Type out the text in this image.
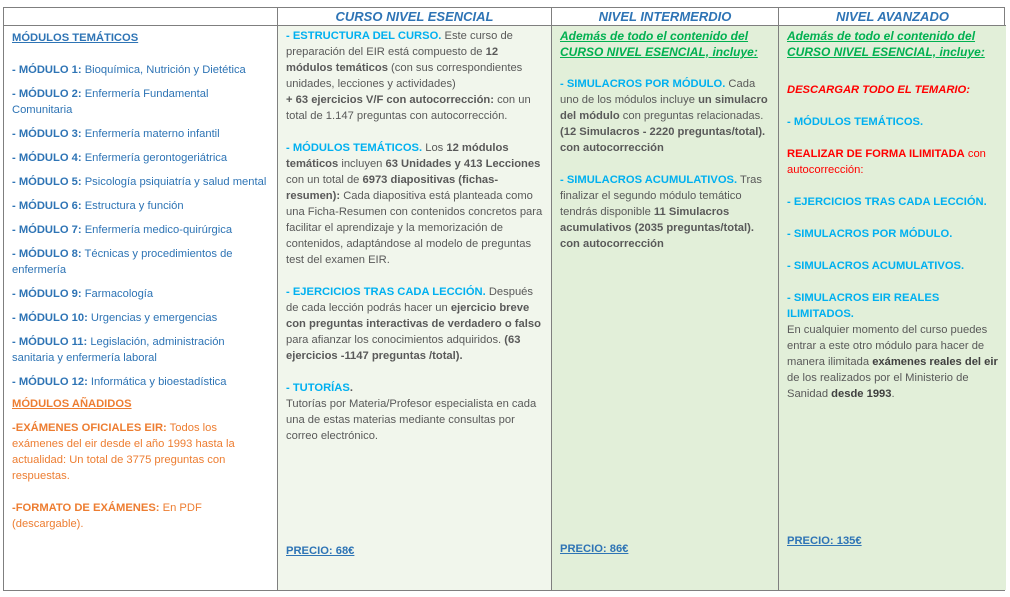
CURSO NIVEL ESENCIAL	NIVEL INTERMERDIO	NIVEL AVANZADO

MÓDULOS TEMÁTICOS

- MÓDULO 1: Bioquímica, Nutrición y Dietética

- MÓDULO 2: Enfermería Fundamental Comunitaria

- MÓDULO 3: Enfermería materno infantil

- MÓDULO 4: Enfermería gerontogeriátrica

- MÓDULO 5: Psicología psiquiatría y salud mental

- MÓDULO 6: Estructura y función

- MÓDULO 7: Enfermería medico-quirúrgica

- MÓDULO 8: Técnicas y procedimientos de enfermería

- MÓDULO 9: Farmacología

- MÓDULO 10: Urgencias y emergencias

- MÓDULO 11: Legislación, administración sanitaria y enfermería laboral

- MÓDULO 12: Informática y bioestadística

MÓDULOS AÑADIDOS

-EXÁMENES OFICIALES EIR: Todos los exámenes del eir desde el año 1993 hasta la actualidad: Un total de 3775 preguntas con respuestas.

-FORMATO DE EXÁMENES: En PDF (descargable).

- ESTRUCTURA DEL CURSO. Este curso de preparación del EIR está compuesto de 12 módulos temáticos (con sus correspondientes unidades, lecciones y actividades)
+ 63 ejercicios V/F con autocorrección: con un total de 1.147 preguntas con autocorrección.

- MÓDULOS TEMÁTICOS. Los 12 módulos temáticos incluyen 63 Unidades y 413 Lecciones con un total de 6973 diapositivas (fichas-resumen): Cada diapositiva está planteada como una Ficha-Resumen con contenidos concretos para facilitar el aprendizaje y la memorización de contenidos, adaptándose al modelo de preguntas test del examen EIR.

- EJERCICIOS TRAS CADA LECCIÓN. Después de cada lección podrás hacer un ejercicio breve con preguntas interactivas de verdadero o falso para afianzar los conocimientos adquiridos. (63 ejercicios -1147 preguntas /total).

- TUTORÍAS.

Tutorías por Materia/Profesor especialista en cada una de estas materias mediante consultas por correo electrónico.

PRECIO: 68€

Además de todo el contenido del CURSO NIVEL ESENCIAL, incluye:

- SIMULACROS POR MÓDULO. Cada uno de los módulos incluye un simulacro del módulo con preguntas relacionadas. (12 Simulacros - 2220 preguntas/total). con autocorrección

- SIMULACROS ACUMULATIVOS. Tras finalizar el segundo módulo temático tendrás disponible 11 Simulacros acumulativos (2035 preguntas/total). con autocorrección

PRECIO: 86€

Además de todo el contenido del CURSO NIVEL ESENCIAL, incluye:

DESCARGAR TODO EL TEMARIO:

- MÓDULOS TEMÁTICOS.

REALIZAR DE FORMA ILIMITADA con autocorrección:

- EJERCICIOS TRAS CADA LECCIÓN.

- SIMULACROS POR MÓDULO.

- SIMULACROS ACUMULATIVOS.

- SIMULACROS EIR REALES ILIMITADOS.

En cualquier momento del curso puedes entrar a este otro módulo para hacer de manera ilimitada exámenes reales del eir de los realizados por el Ministerio de Sanidad desde 1993.

PRECIO: 135€
